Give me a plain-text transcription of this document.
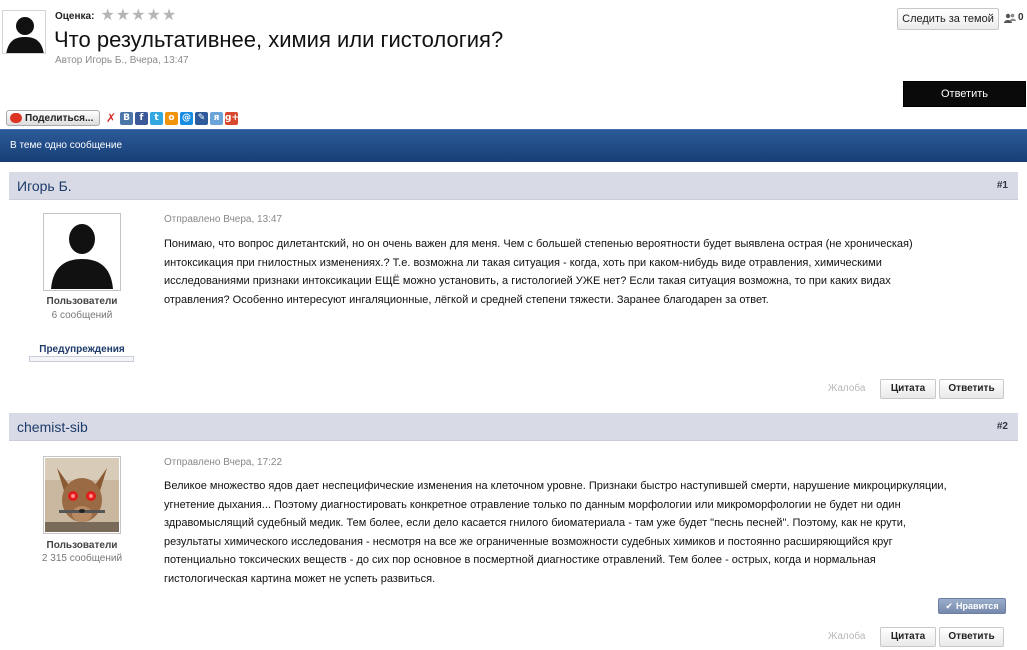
Оценка: ★ ★ ★ ★ ★
Что результативнее, химия или гистология?
Автор Игорь Б., Вчера, 13:47
Следить за темой	0
Ответить
Поделиться... ✗ В	f	t	о @ ✎ я g+
В теме одно сообщение
Игорь Б.	#1
Пользователи
6 сообщений
Предупреждения
Отправлено Вчера, 13:47
Понимаю, что вопрос дилетантский, но он очень важен для меня. Чем с большей степенью вероятности будет выявлена острая (не хроническая)
интоксикация при гнилостных изменениях.? Т.е. возможна ли такая ситуация - когда, хоть при каком-нибудь виде отравления, химическими
исследованиями признаки интоксикации ЕЩЁ можно установить, а гистологией УЖЕ нет? Если такая ситуация возможна, то при каких видах
отравления? Особенно интересуют ингаляционные, лёгкой и средней степени тяжести. Заранее благодарен за ответ.
Жалоба	Цитата	Ответить
chemist-sib	#2
Пользователи
2 315 сообщений
Отправлено Вчера, 17:22
Великое множество ядов дает неспецифические изменения на клеточном уровне. Признаки быстро наступившей смерти, нарушение микроциркуляции,
угнетение дыхания... Поэтому диагностировать конкретное отравление только по данным морфологии или микроморфологии не будет ни один
здравомыслящий судебный медик. Тем более, если дело касается гнилого биоматериала - там уже будет "песнь песней". Поэтому, как не крути,
результаты химического исследования - несмотря на все же ограниченные возможности судебных химиков и постоянно расширяющийся круг
потенциально токсических веществ - до сих пор основное в посмертной диагностике отравлений. Тем более - острых, когда и нормальная
гистологическая картина может не успеть развиться.
✔ Нравится
Жалоба	Цитата	Ответить
